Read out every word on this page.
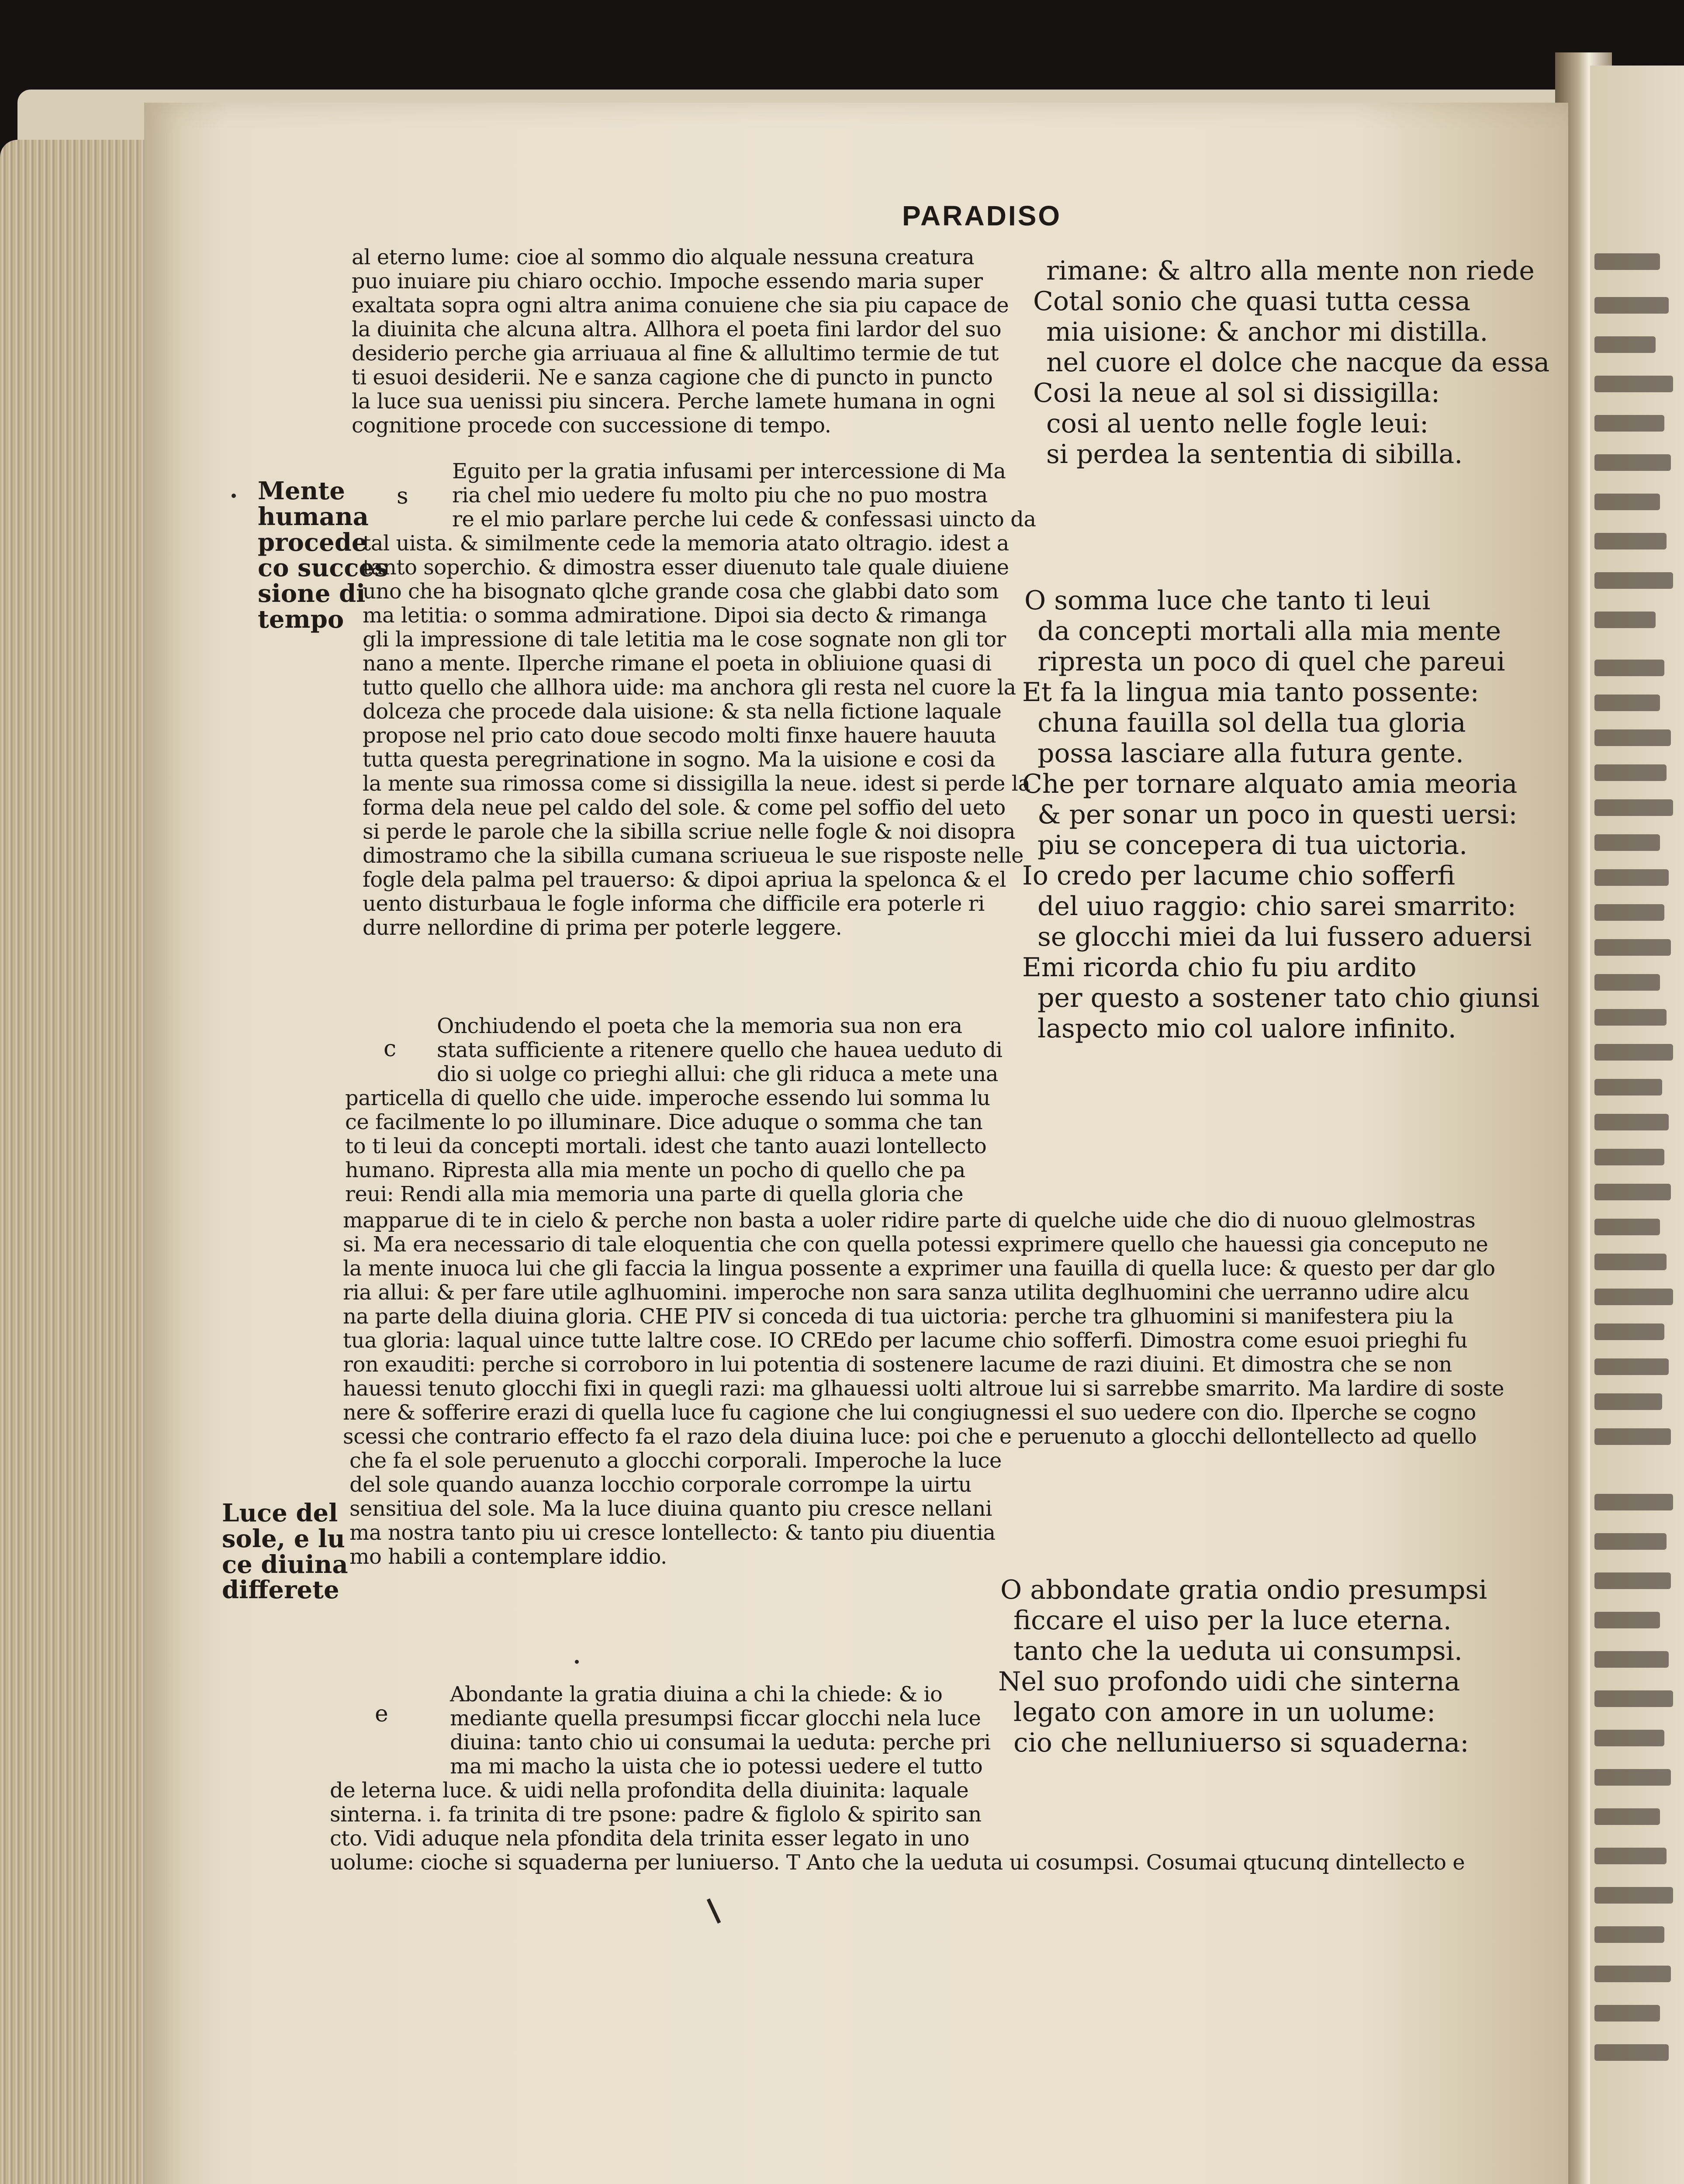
PARADISO
al eterno lume: cioe al sommo dio alquale nessuna creatura
puo inuiare piu chiaro occhio. Impoche essendo maria super
exaltata sopra ogni altra anima conuiene che sia piu capace de
la diuinita che alcuna altra. Allhora el poeta fini lardor del suo
desiderio perche gia arriuaua al fine & allultimo termie de tut
ti esuoi desiderii. Ne e sanza cagione che di puncto in puncto
la luce sua uenissi piu sincera. Perche lamete humana in ogni
cognitione procede con successione di tempo.
Mente
humana
procede
co succes
sione di
tempo
s
Eguito per la gratia infusami per intercessione di Ma
ria chel mio uedere fu molto piu che no puo mostra
re el mio parlare perche lui cede & confessasi uincto da
tal uista. & similmente cede la memoria atato oltragio. idest a
tanto soperchio. & dimostra esser diuenuto tale quale diuiene
uno che ha bisognato qlche grande cosa che glabbi dato som
ma letitia: o somma admiratione. Dipoi sia decto & rimanga
gli la impressione di tale letitia ma le cose sognate non gli tor
nano a mente. Ilperche rimane el poeta in obliuione quasi di
tutto quello che allhora uide: ma anchora gli resta nel cuore la
dolceza che procede dala uisione: & sta nella fictione laquale
propose nel prio cato doue secodo molti finxe hauere hauuta
tutta questa peregrinatione in sogno. Ma la uisione e cosi da
la mente sua rimossa come si dissigilla la neue. idest si perde la
forma dela neue pel caldo del sole. & come pel soffio del ueto
si perde le parole che la sibilla scriue nelle fogle & noi disopra
dimostramo che la sibilla cumana scriueua le sue risposte nelle
fogle dela palma pel trauerso: & dipoi apriua la spelonca & el
uento disturbaua le fogle informa che difficile era poterle ri
durre nellordine di prima per poterle leggere.
c
Onchiudendo el poeta che la memoria sua non era
stata sufficiente a ritenere quello che hauea ueduto di
dio si uolge co prieghi allui: che gli riduca a mete una
particella di quello che uide. imperoche essendo lui somma lu
ce facilmente lo po illuminare. Dice aduque o somma che tan
to ti leui da concepti mortali. idest che tanto auazi lontellecto
humano. Ripresta alla mia mente un pocho di quello che pa
reui: Rendi alla mia memoria una parte di quella gloria che
mapparue di te in cielo & perche non basta a uoler ridire parte di quelche uide che dio di nuouo glelmostras
si. Ma era necessario di tale eloquentia che con quella potessi exprimere quello che hauessi gia conceputo ne
la mente inuoca lui che gli faccia la lingua possente a exprimer una fauilla di quella luce: & questo per dar glo
ria allui: & per fare utile aglhuomini. imperoche non sara sanza utilita deglhuomini che uerranno udire alcu
na parte della diuina gloria. CHE PIV si conceda di tua uictoria: perche tra glhuomini si manifestera piu la
tua gloria: laqual uince tutte laltre cose. IO CREdo per lacume chio sofferfi. Dimostra come esuoi prieghi fu
ron exauditi: perche si corroboro in lui potentia di sostenere lacume de razi diuini. Et dimostra che se non
hauessi tenuto glocchi fixi in quegli razi: ma glhauessi uolti altroue lui si sarrebbe smarrito. Ma lardire di soste
nere & sofferire erazi di quella luce fu cagione che lui congiugnessi el suo uedere con dio. Ilperche se cogno
scessi che contrario effecto fa el razo dela diuina luce: poi che e peruenuto a glocchi dellontellecto ad quello
Luce del
sole, e lu
ce diuina
differete
che fa el sole peruenuto a glocchi corporali. Imperoche la luce
del sole quando auanza locchio corporale corrompe la uirtu
sensitiua del sole. Ma la luce diuina quanto piu cresce nellani
ma nostra tanto piu ui cresce lontellecto: & tanto piu diuentia
mo habili a contemplare iddio.
e
Abondante la gratia diuina a chi la chiede: & io
mediante quella presumpsi ficcar glocchi nela luce
diuina: tanto chio ui consumai la ueduta: perche pri
ma mi macho la uista che io potessi uedere el tutto
de leterna luce. & uidi nella profondita della diuinita: laquale
sinterna. i. fa trinita di tre psone: padre & figlolo & spirito san
cto. Vidi aduque nela pfondita dela trinita esser legato in uno
uolume: cioche si squaderna per luniuerso. T Anto che la ueduta ui cosumpsi. Cosumai qtucunq dintellecto e
rimane: & altro alla mente non riede
Cotal sonio che quasi tutta cessa
mia uisione: & anchor mi distilla.
nel cuore el dolce che nacque da essa
Cosi la neue al sol si dissigilla:
cosi al uento nelle fogle leui:
si perdea la sententia di sibilla.
O somma luce che tanto ti leui
da concepti mortali alla mia mente
ripresta un poco di quel che pareui
Et fa la lingua mia tanto possente:
chuna fauilla sol della tua gloria
possa lasciare alla futura gente.
Che per tornare alquato amia meoria
& per sonar un poco in questi uersi:
piu se concepera di tua uictoria.
Io credo per lacume chio sofferfi
del uiuo raggio: chio sarei smarrito:
se glocchi miei da lui fussero aduersi
Emi ricorda chio fu piu ardito
per questo a sostener tato chio giunsi
laspecto mio col ualore infinito.
O abbondate gratia ondio presumpsi
ficcare el uiso per la luce eterna.
tanto che la ueduta ui consumpsi.
Nel suo profondo uidi che sinterna
legato con amore in un uolume:
cio che nelluniuerso si squaderna:
